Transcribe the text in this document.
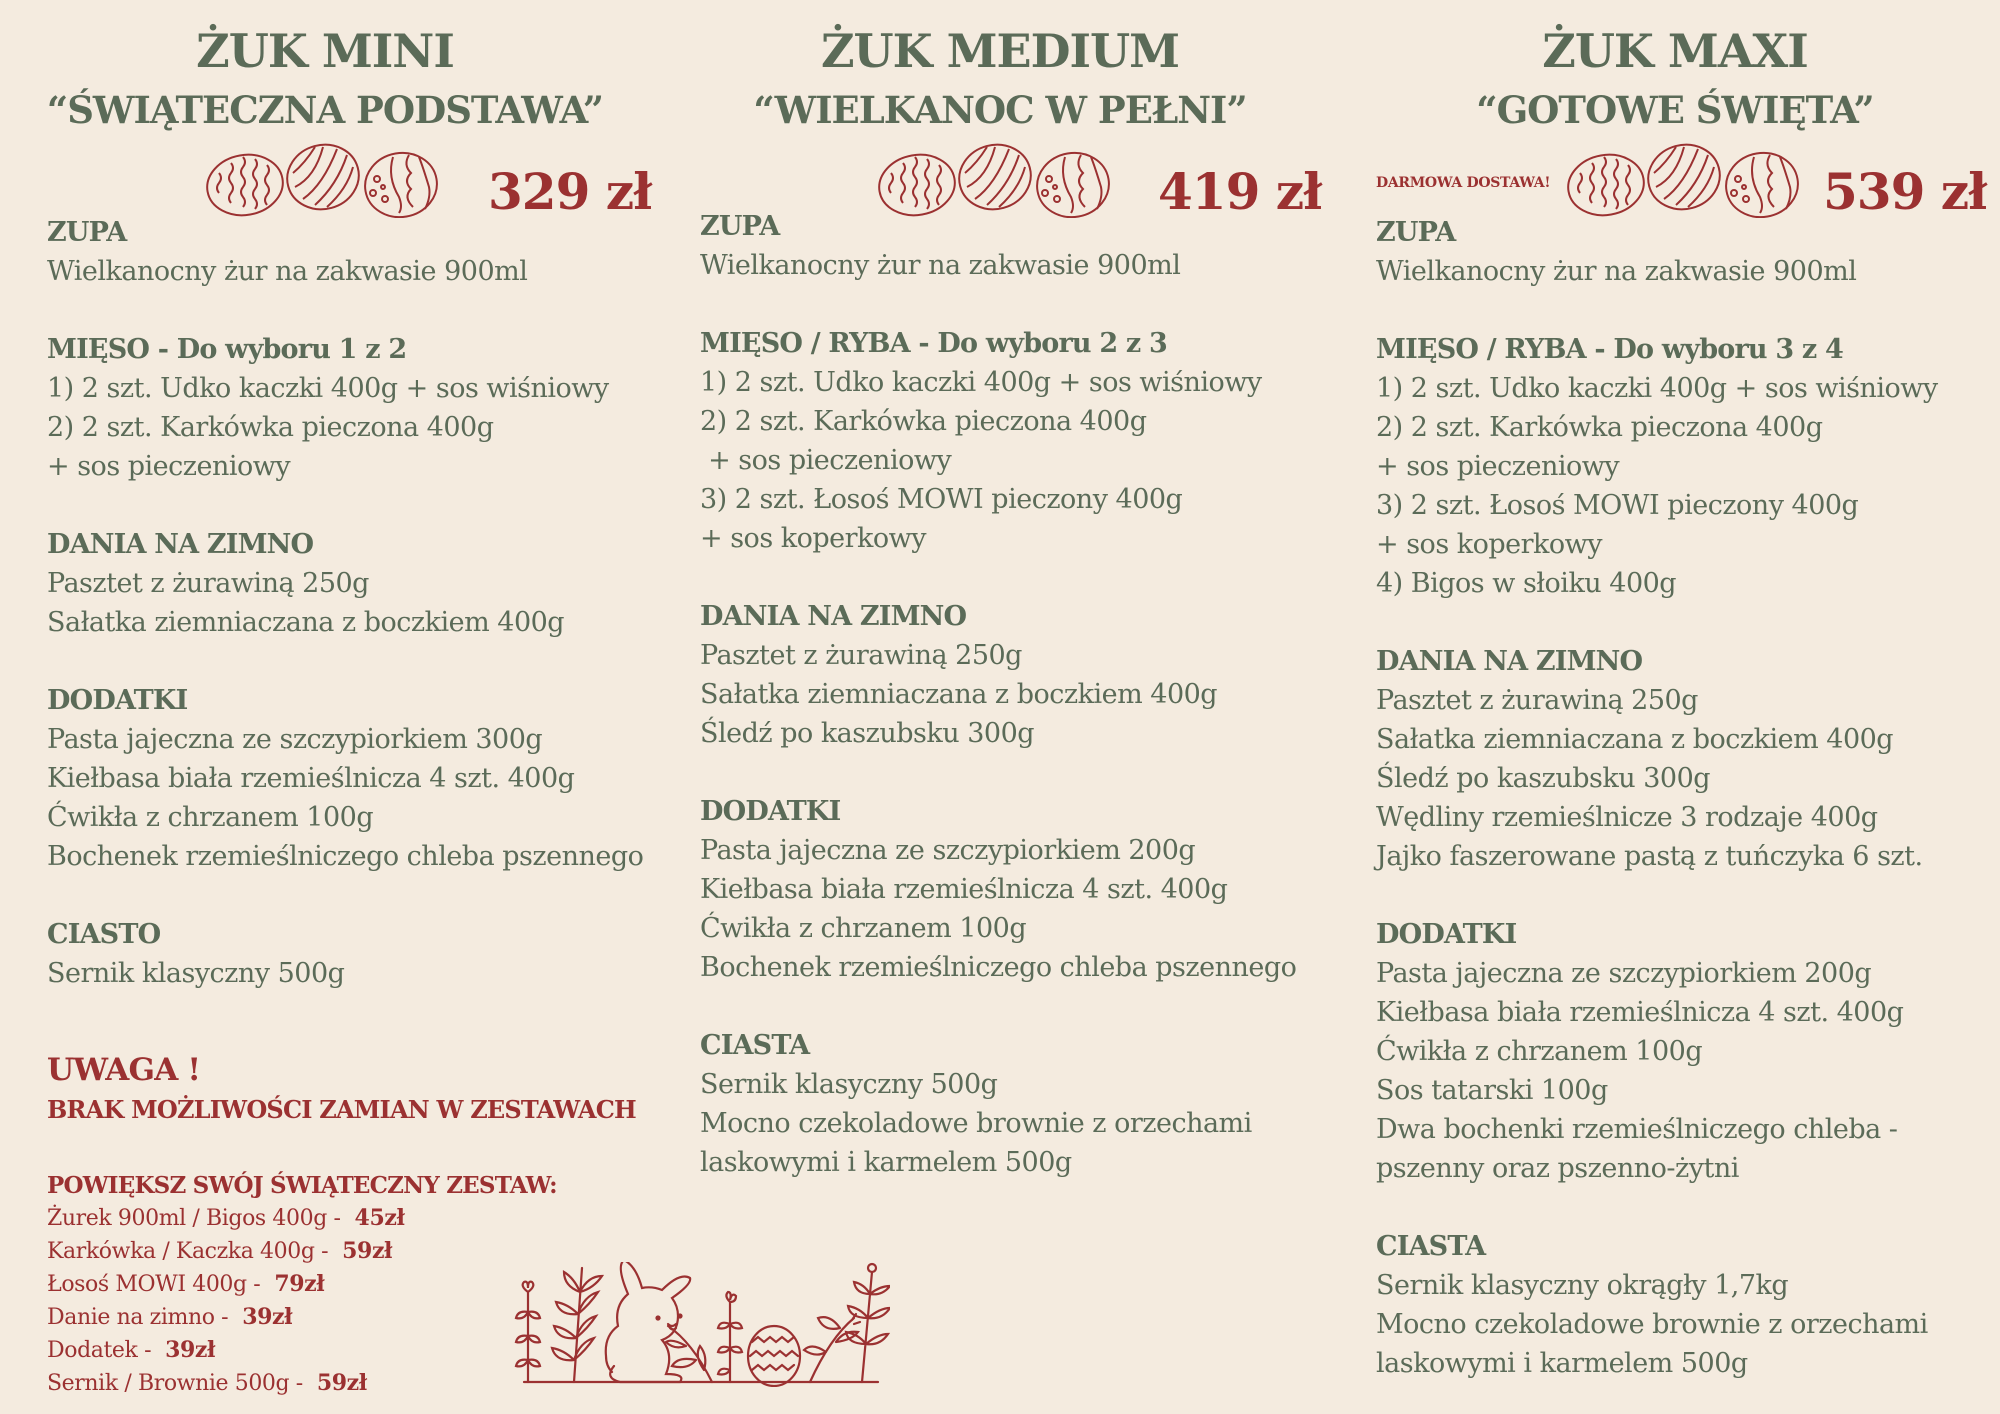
ŻUK MINI
“ŚWIĄTECZNA PODSTAWA”
329 zł
ZUPA
Wielkanocny żur na zakwasie 900ml
MIĘSO - Do wyboru 1 z 2
1) 2 szt. Udko kaczki 400g + sos wiśniowy
2) 2 szt. Karkówka pieczona 400g
+ sos pieczeniowy
DANIA NA ZIMNO
Pasztet z żurawiną 250g
Sałatka ziemniaczana z boczkiem 400g
DODATKI
Pasta jajeczna ze szczypiorkiem 300g
Kiełbasa biała rzemieślnicza 4 szt. 400g
Ćwikła z chrzanem 100g
Bochenek rzemieślniczego chleba pszennego
CIASTO
Sernik klasyczny 500g
UWAGA !
BRAK MOŻLIWOŚCI ZAMIAN W ZESTAWACH
POWIĘKSZ SWÓJ ŚWIĄTECZNY ZESTAW:
Żurek 900ml / Bigos 400g - 45zł
Karkówka / Kaczka 400g - 59zł
Łosoś MOWI 400g - 79zł
Danie na zimno - 39zł
Dodatek - 39zł
Sernik / Brownie 500g - 59zł
ŻUK MEDIUM
“WIELKANOC W PEŁNI”
419 zł
ZUPA
Wielkanocny żur na zakwasie 900ml
MIĘSO / RYBA - Do wyboru 2 z 3
1) 2 szt. Udko kaczki 400g + sos wiśniowy
2) 2 szt. Karkówka pieczona 400g
+ sos pieczeniowy
3) 2 szt. Łosoś MOWI pieczony 400g
+ sos koperkowy
DANIA NA ZIMNO
Pasztet z żurawiną 250g
Sałatka ziemniaczana z boczkiem 400g
Śledź po kaszubsku 300g
DODATKI
Pasta jajeczna ze szczypiorkiem 200g
Kiełbasa biała rzemieślnicza 4 szt. 400g
Ćwikła z chrzanem 100g
Bochenek rzemieślniczego chleba pszennego
CIASTA
Sernik klasyczny 500g
Mocno czekoladowe brownie z orzechami
laskowymi i karmelem 500g
ŻUK MAXI
“GOTOWE ŚWIĘTA”
DARMOWA DOSTAWA!	539 zł
ZUPA
Wielkanocny żur na zakwasie 900ml
MIĘSO / RYBA - Do wyboru 3 z 4
1) 2 szt. Udko kaczki 400g + sos wiśniowy
2) 2 szt. Karkówka pieczona 400g
+ sos pieczeniowy
3) 2 szt. Łosoś MOWI pieczony 400g
+ sos koperkowy
4) Bigos w słoiku 400g
DANIA NA ZIMNO
Pasztet z żurawiną 250g
Sałatka ziemniaczana z boczkiem 400g
Śledź po kaszubsku 300g
Wędliny rzemieślnicze 3 rodzaje 400g
Jajko faszerowane pastą z tuńczyka 6 szt.
DODATKI
Pasta jajeczna ze szczypiorkiem 200g
Kiełbasa biała rzemieślnicza 4 szt. 400g
Ćwikła z chrzanem 100g
Sos tatarski 100g
Dwa bochenki rzemieślniczego chleba -
pszenny oraz pszenno-żytni
CIASTA
Sernik klasyczny okrągły 1,7kg
Mocno czekoladowe brownie z orzechami
laskowymi i karmelem 500g
